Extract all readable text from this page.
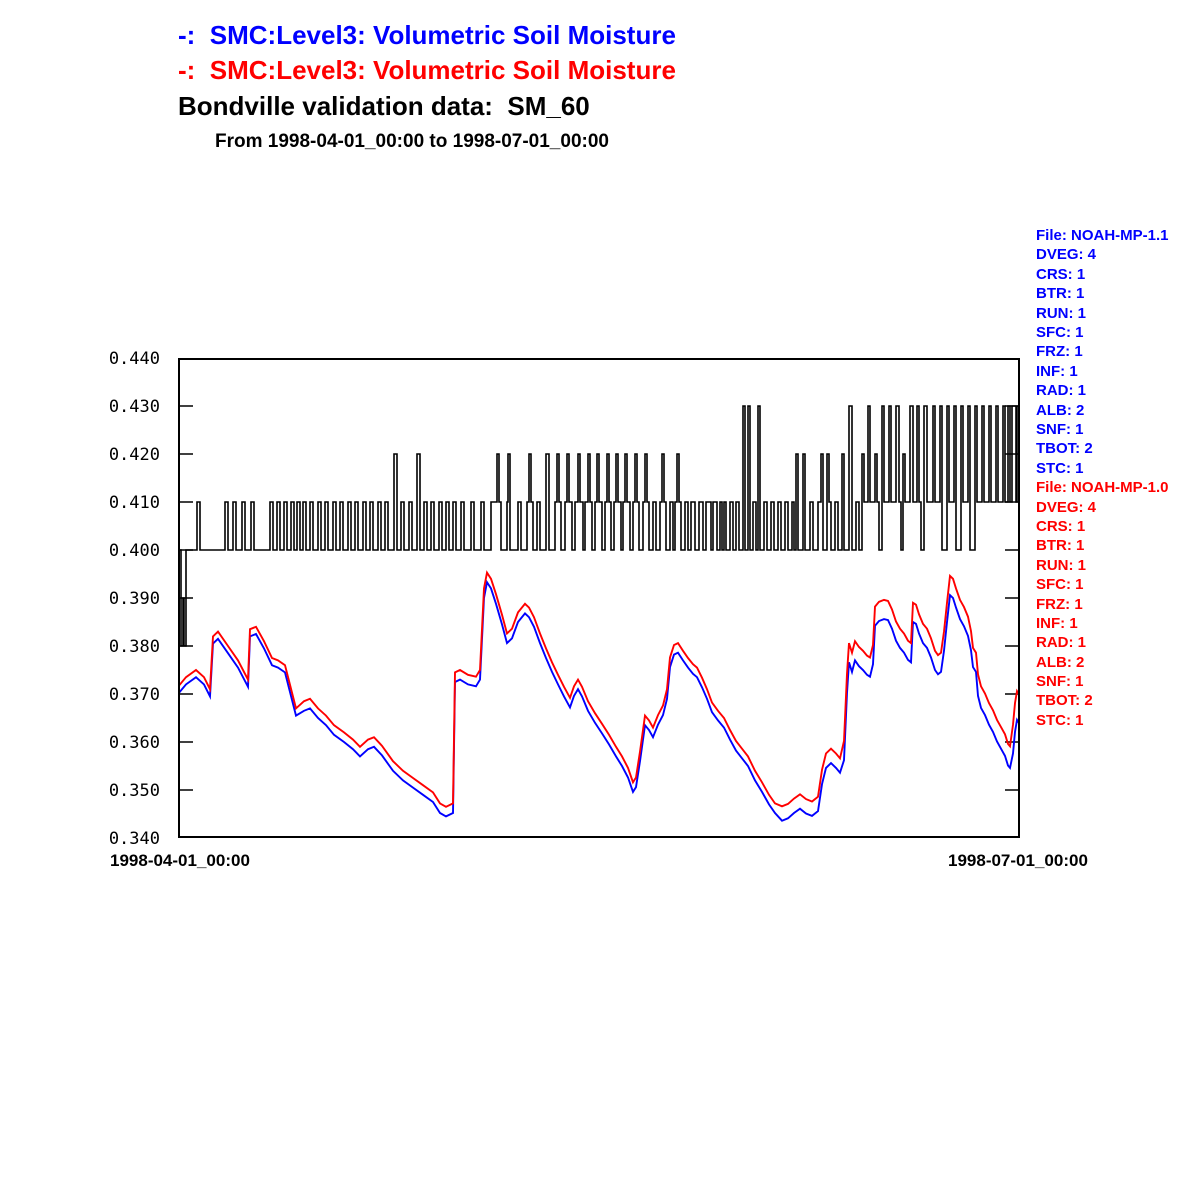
-:  SMC:Level3: Volumetric Soil Moisture
-:  SMC:Level3: Volumetric Soil Moisture
Bondville validation data:  SM_60
From 1998-04-01_00:00 to 1998-07-01_00:00
0.440
0.430
0.420
0.410
0.400
0.390
0.380
0.370
0.360
0.350
0.340
1998-04-01_00:00	1998-07-01_00:00
File: NOAH-MP-1.1
DVEG: 4
CRS: 1
BTR: 1
RUN: 1
SFC: 1
FRZ: 1
INF: 1
RAD: 1
ALB: 2
SNF: 1
TBOT: 2
STC: 1
File: NOAH-MP-1.0
DVEG: 4
CRS: 1
BTR: 1
RUN: 1
SFC: 1
FRZ: 1
INF: 1
RAD: 1
ALB: 2
SNF: 1
TBOT: 2
STC: 1
